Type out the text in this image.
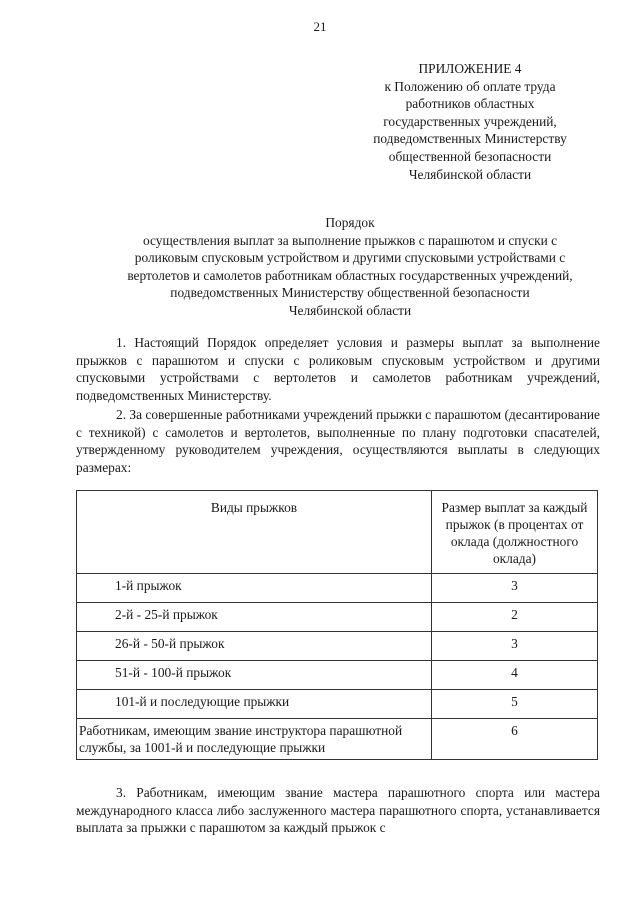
21
ПРИЛОЖЕНИЕ 4
к Положению об оплате труда
работников областных
государственных учреждений,
подведомственных Министерству
общественной безопасности
Челябинской области
Порядок
осуществления выплат за выполнение прыжков с парашютом и спуски с
роликовым спусковым устройством и другими спусковыми устройствами с
вертолетов и самолетов работникам областных государственных учреждений,
подведомственных Министерству общественной безопасности
Челябинской области

1. Настоящий Порядок определяет условия и размеры выплат за выполнение прыжков с парашютом и спуски с роликовым спусковым устройством и другими спусковыми устройствами с вертолетов и самолетов работникам учреждений, подведомственных Министерству.

2. За совершенные работниками учреждений прыжки с парашютом (десантирование с техникой) с самолетов и вертолетов, выполненные по плану подготовки спасателей, утвержденному руководителем учреждения, осуществляются выплаты в следующих размерах:

Виды прыжков	Размер выплат за каждый прыжок (в процентах от оклада (должностного оклада)
1-й прыжок	3
2-й - 25-й прыжок	2
26-й - 50-й прыжок	3
51-й - 100-й прыжок	4
101-й и последующие прыжки	5
Работникам, имеющим звание инструктора парашютной службы, за 1001-й и последующие прыжки	6

3. Работникам, имеющим звание мастера парашютного спорта или мастера международного класса либо заслуженного мастера парашютного спорта, устанавливается выплата за прыжки с парашютом за каждый прыжок с
